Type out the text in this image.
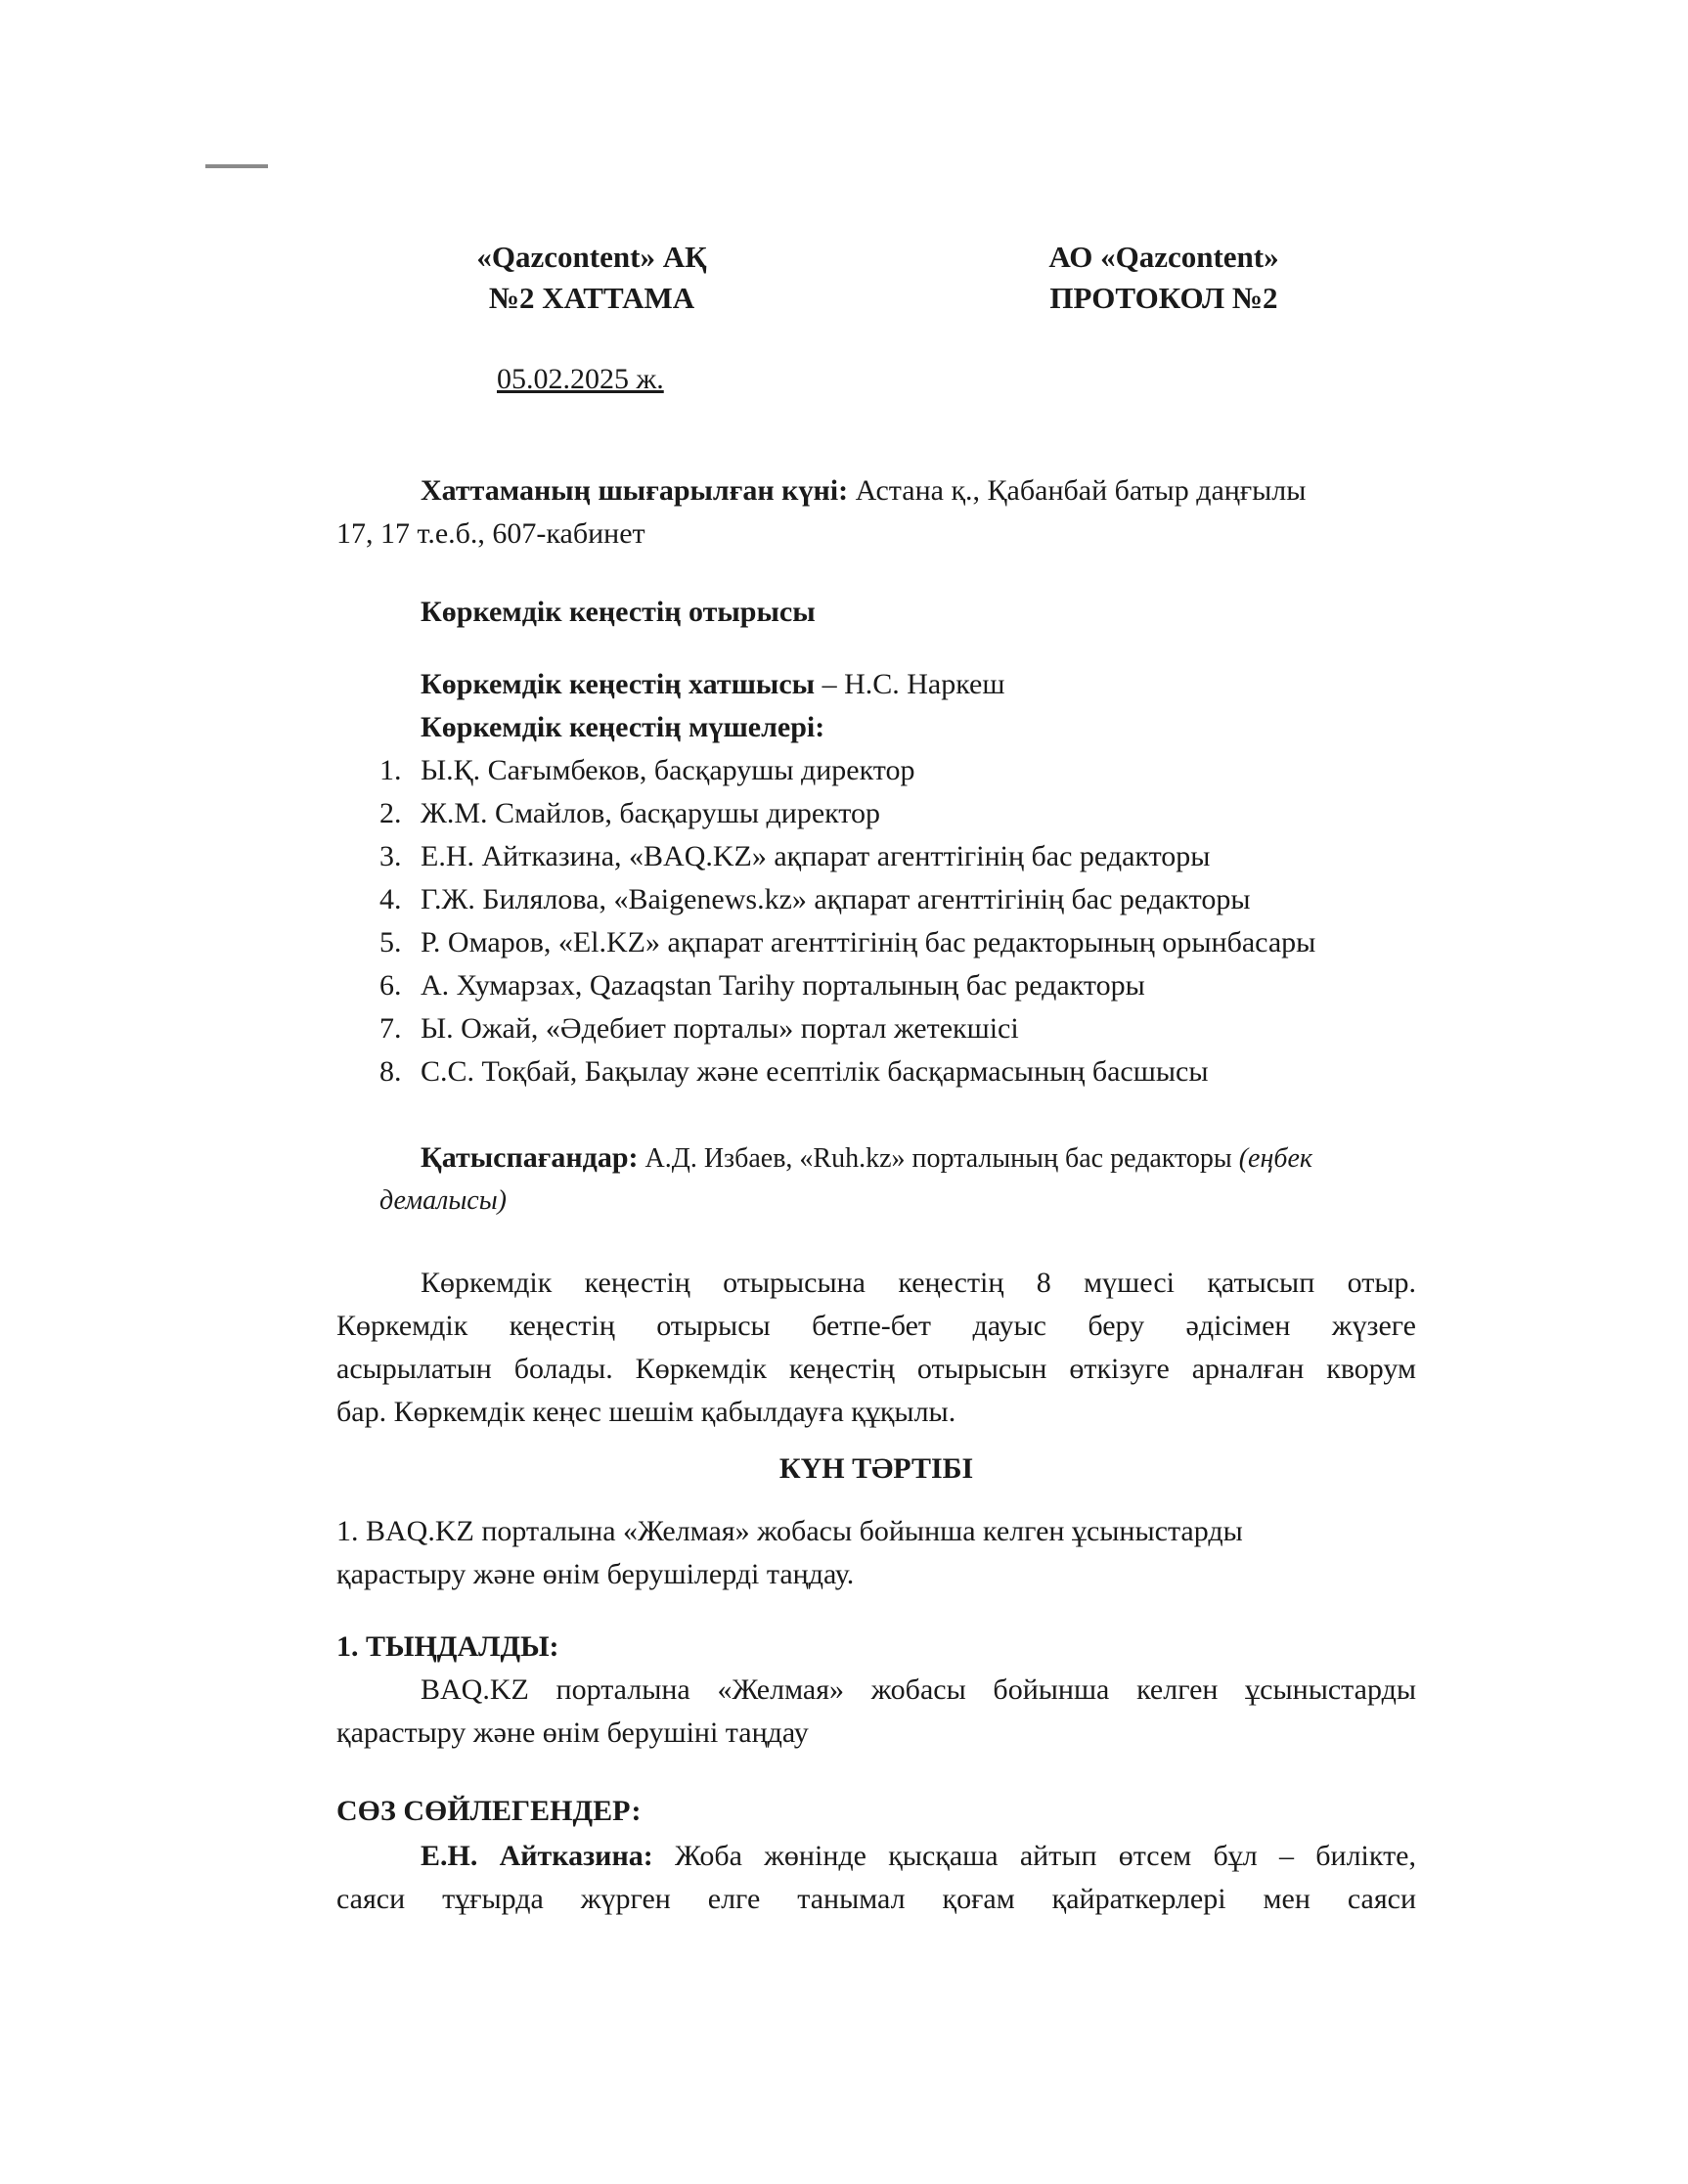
«Qazcontent» АҚ
№2 ХАТТАМА
АО «Qazcontent»
ПРОТОКОЛ №2
05.02.2025 ж.
Хаттаманың шығарылған күні: Астана қ., Қабанбай батыр даңғылы
17, 17 т.е.б., 607-кабинет
Көркемдік кеңестің отырысы
Көркемдік кеңестің хатшысы – Н.С. Наркеш
Көркемдік кеңестің мүшелері:
1. Ы.Қ. Сағымбеков, басқарушы директор
2. Ж.М. Смайлов, басқарушы директор
3. Е.Н. Айтказина, «BAQ.KZ» ақпарат агенттігінің бас редакторы
4. Г.Ж. Билялова, «Baigenews.kz» ақпарат агенттігінің бас редакторы
5. Р. Омаров, «El.KZ» ақпарат агенттігінің бас редакторының орынбасары
6. А. Хумарзах, Qazaqstan Tarihy порталының бас редакторы
7. Ы. Ожай, «Әдебиет порталы» портал жетекшісі
8. С.С. Тоқбай, Бақылау және есептілік басқармасының басшысы
Қатыспағандар: А.Д. Избаев, «Ruh.kz» порталының бас редакторы (еңбек
демалысы)
Көркемдік кеңестің отырысына кеңестің 8 мүшесі қатысып отыр.
Көркемдік кеңестің отырысы бетпе-бет дауыс беру әдісімен жүзеге
асырылатын болады. Көркемдік кеңестің отырысын өткізуге арналған кворум
бар. Көркемдік кеңес шешім қабылдауға құқылы.
КҮН ТӘРТІБІ
1. BAQ.KZ порталына «Желмая» жобасы бойынша келген ұсыныстарды
қарастыру және өнім берушілерді таңдау.
1. ТЫҢДАЛДЫ:
BAQ.KZ порталына «Желмая» жобасы бойынша келген ұсыныстарды
қарастыру және өнім берушіні таңдау
СӨЗ СӨЙЛЕГЕНДЕР:
Е.Н. Айтказина: Жоба жөнінде қысқаша айтып өтсем бұл – билікте,
саяси тұғырда жүрген елге танымал қоғам қайраткерлері мен саяси
